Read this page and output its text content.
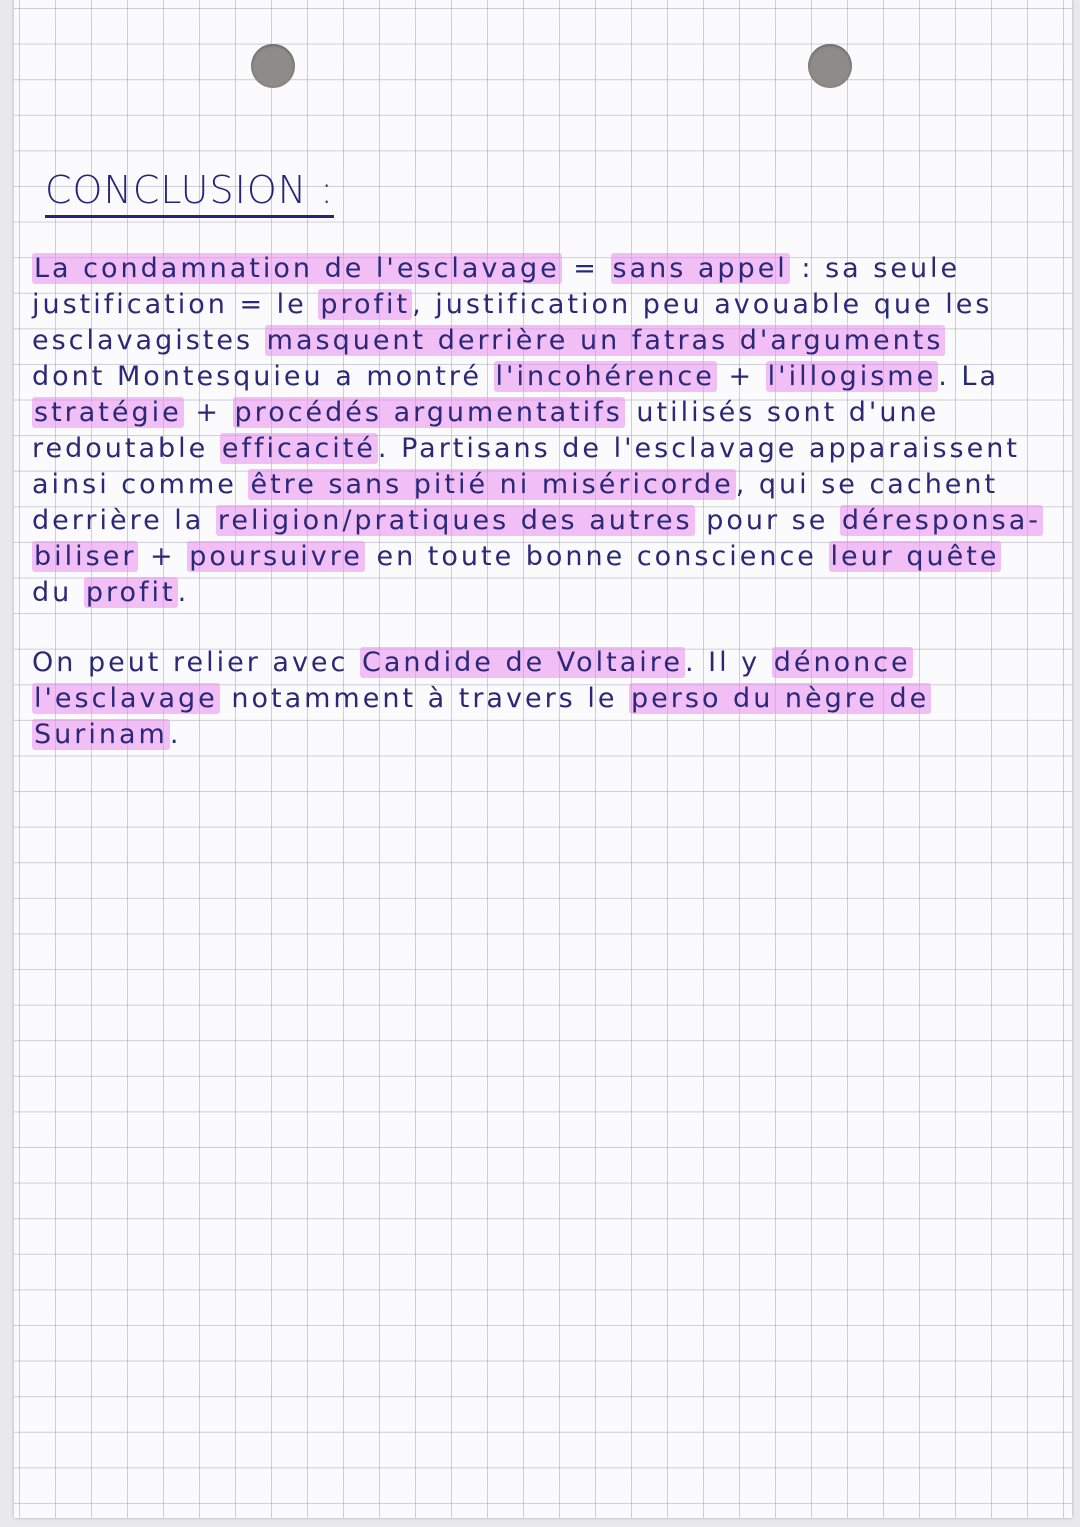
CONCLUSION :

La condamnation de l'esclavage = sans appel : sa seule

justification = le profit, justification peu avouable que les

esclavagistes masquent derrière un fatras d'arguments

dont Montesquieu a montré l'incohérence + l'illogisme. La

stratégie + procédés argumentatifs utilisés sont d'une

redoutable efficacité. Partisans de l'esclavage apparaissent

ainsi comme être sans pitié ni miséricorde, qui se cachent

derrière la religion/pratiques des autres pour se déresponsa-

biliser + poursuivre en toute bonne conscience leur quête

du profit.

On peut relier avec Candide de Voltaire. Il y dénonce

l'esclavage notamment à travers le perso du nègre de

Surinam.
